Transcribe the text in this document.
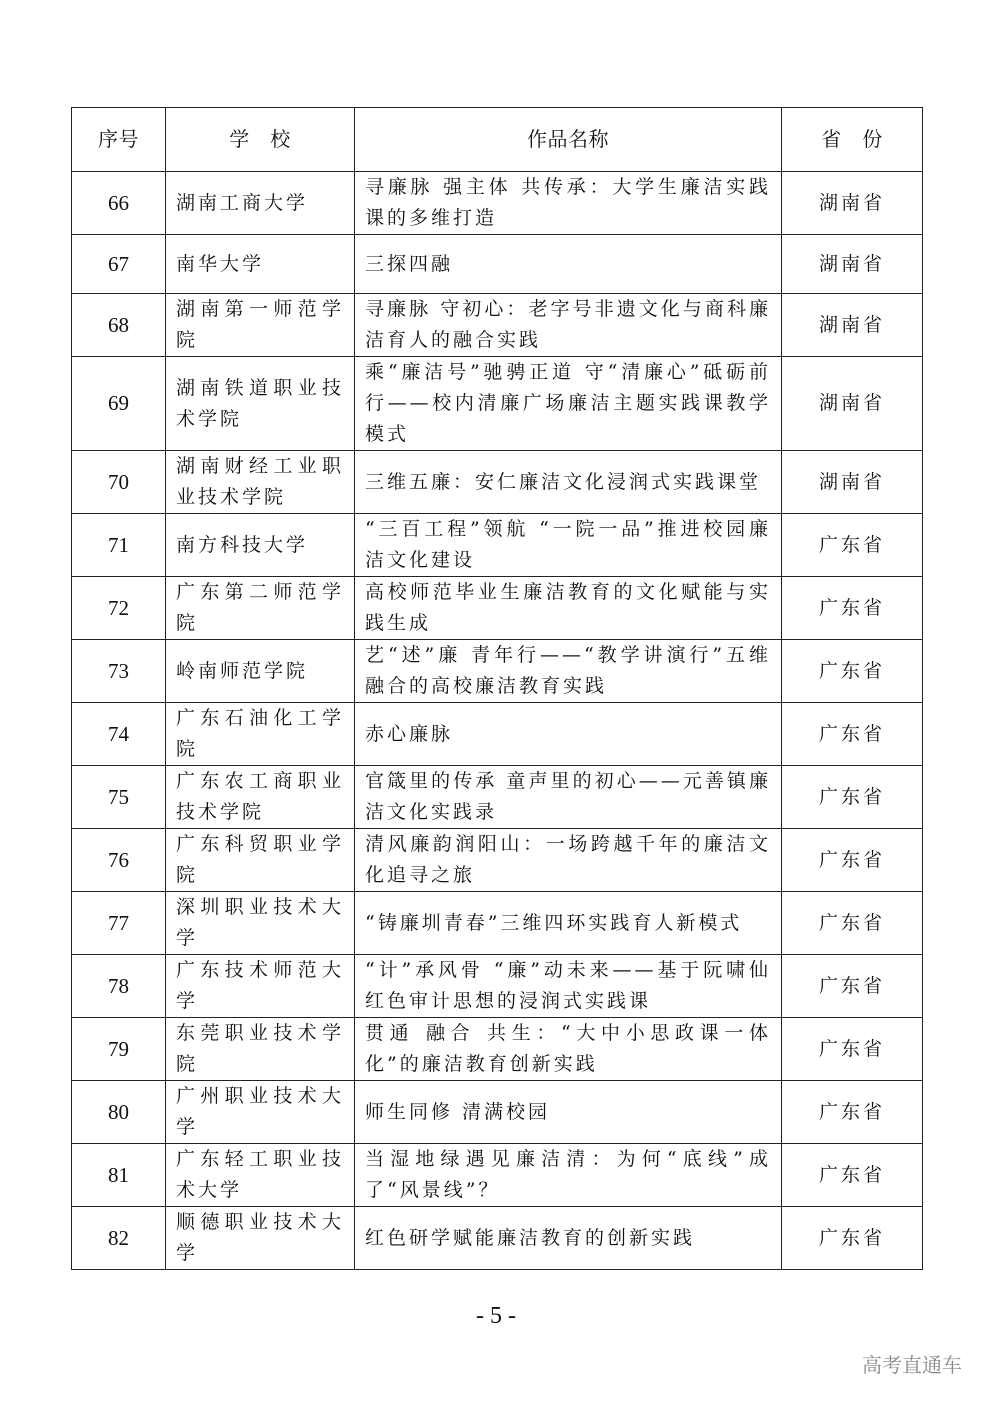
序号	学　校	作品名称	省　份
66	湖南工商大学	寻廉脉 强主体 共传承：大学生廉洁实践课的多维打造	湖南省
67	南华大学	三探四融	湖南省
68	湖南第一师范学院	寻廉脉 守初心：老字号非遗文化与商科廉洁育人的融合实践	湖南省
69	湖南铁道职业技术学院	乘“廉洁号”驰骋正道 守“清廉心”砥砺前行——校内清廉广场廉洁主题实践课教学模式	湖南省
70	湖南财经工业职业技术学院	三维五廉：安仁廉洁文化浸润式实践课堂	湖南省
71	南方科技大学	“三百工程”领航 “一院一品”推进校园廉洁文化建设	广东省
72	广东第二师范学院	高校师范毕业生廉洁教育的文化赋能与实践生成	广东省
73	岭南师范学院	艺“述”廉 青年行——“教学讲演行”五维融合的高校廉洁教育实践	广东省
74	广东石油化工学院	赤心廉脉	广东省
75	广东农工商职业技术学院	官箴里的传承 童声里的初心——元善镇廉洁文化实践录	广东省
76	广东科贸职业学院	清风廉韵润阳山：一场跨越千年的廉洁文化追寻之旅	广东省
77	深圳职业技术大学	“铸廉圳青春”三维四环实践育人新模式	广东省
78	广东技术师范大学	“计”承风骨 “廉”动未来——基于阮啸仙红色审计思想的浸润式实践课	广东省
79	东莞职业技术学院	贯通 融合 共生：“大中小思政课一体化”的廉洁教育创新实践	广东省
80	广州职业技术大学	师生同修 清满校园	广东省
81	广东轻工职业技术大学	当湿地绿遇见廉洁清：为何“底线”成了“风景线”？	广东省
82	顺德职业技术大学	红色研学赋能廉洁教育的创新实践	广东省
- 5 -
高考直通车
